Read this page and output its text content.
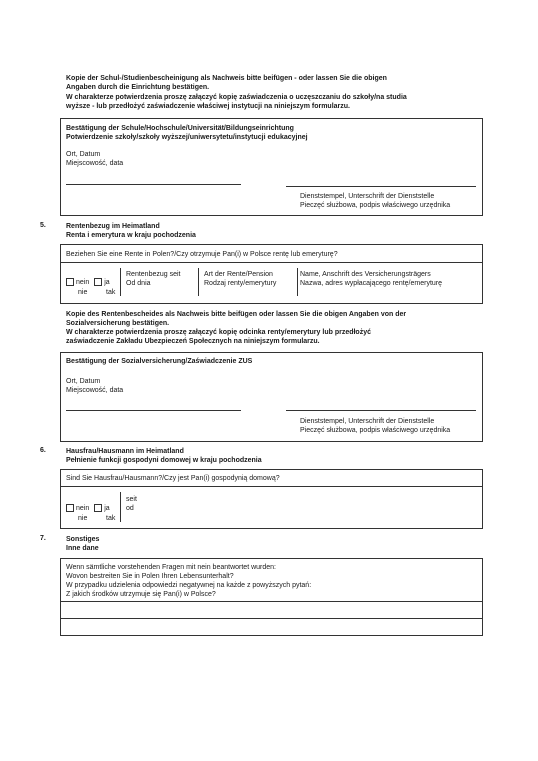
Kopie der Schul-/Studienbescheinigung als Nachweis bitte beifügen - oder lassen Sie die obigen
Angaben durch die Einrichtung bestätigen.
W charakterze potwierdzenia proszę załączyć kopię zaświadczenia o uczęszczaniu do szkoły/na studia
wyższe - lub przedłożyć zaświadczenie właściwej instytucji na niniejszym formularzu.
Bestätigung der Schule/Hochschule/Universität/Bildungseinrichtung
Potwierdzenie szkoły/szkoły wyższej/uniwersytetu/instytucji edukacyjnej
Ort, Datum
Miejscowość, data
Dienststempel, Unterschrift der Dienststelle
Pieczęć służbowa, podpis właściwego urzędnika
5.	Rentenbezug im Heimatland
Renta i emerytura w kraju pochodzenia
Beziehen Sie eine Rente in Polen?/Czy otrzymuje Pan(i) w Polsce rentę lub emeryturę?
nein ja
nie	tak
Rentenbezug seit
Od dnia
Art der Rente/Pension
Rodzaj renty/emerytury
Name, Anschrift des Versicherungsträgers
Nazwa, adres wypłacającego rentę/emeryturę
Kopie des Rentenbescheides als Nachweis bitte beifügen oder lassen Sie die obigen Angaben von der
Sozialversicherung bestätigen.
W charakterze potwierdzenia proszę załączyć kopię odcinka renty/emerytury lub przedłożyć
zaświadczenie Zakładu Ubezpieczeń Społecznych na niniejszym formularzu.
Bestätigung der Sozialversicherung/Zaświadczenie ZUS
Ort, Datum
Miejscowość, data
Dienststempel, Unterschrift der Dienststelle
Pieczęć służbowa, podpis właściwego urzędnika
6.	Hausfrau/Hausmann im Heimatland
Pełnienie funkcji gospodyni domowej w kraju pochodzenia
Sind Sie Hausfrau/Hausmann?/Czy jest Pan(i) gospodynią domową?
nein ja
nie	tak
seit
od
7.	Sonstiges
Inne dane
Wenn sämtliche vorstehenden Fragen mit nein beantwortet wurden:
Wovon bestreiten Sie in Polen Ihren Lebensunterhalt?
W przypadku udzielenia odpowiedzi negatywnej na każde z powyższych pytań:
Z jakich środków utrzymuje się Pan(i) w Polsce?
